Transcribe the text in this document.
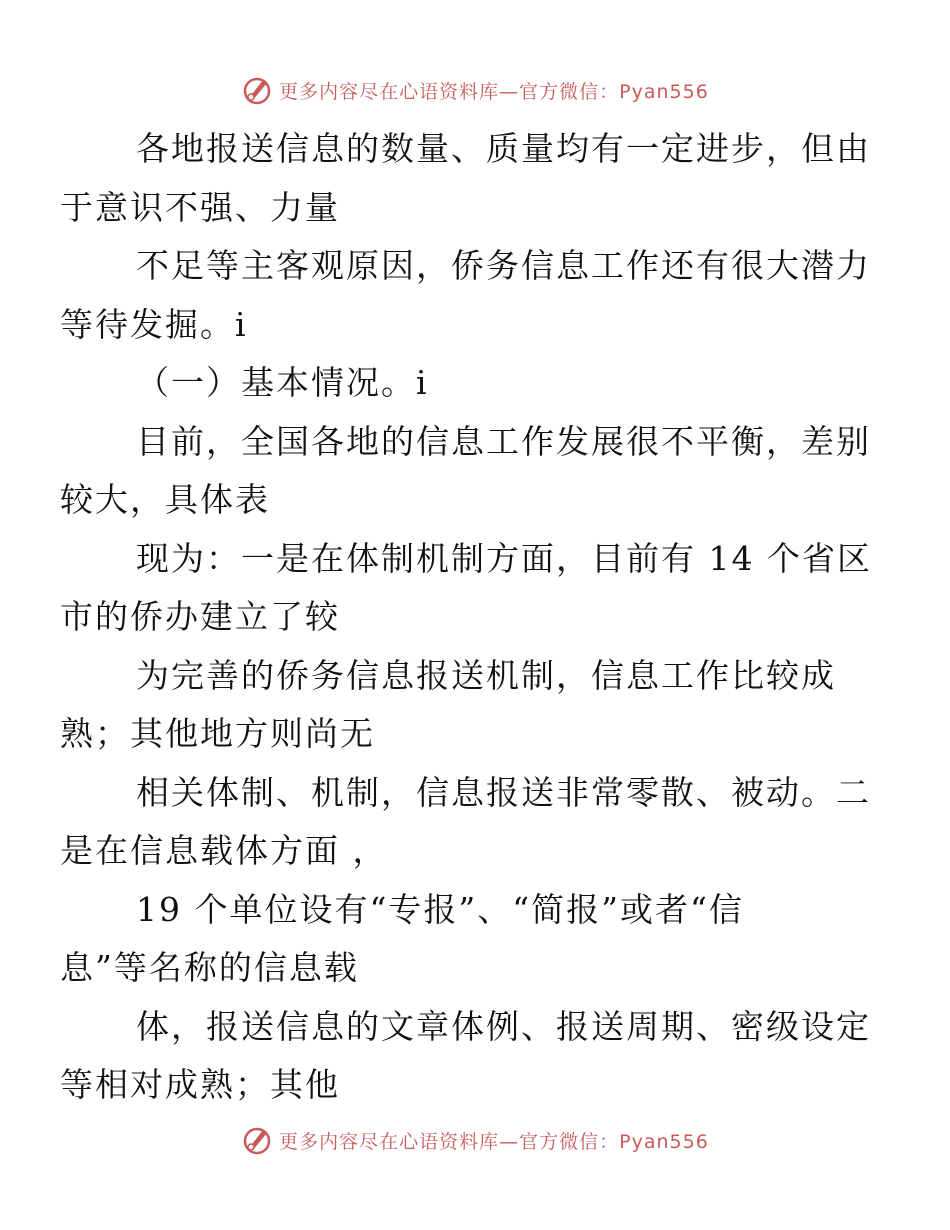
更多内容尽在心语资料库—官方微信：Pyan556

各地报送信息的数量、质量均有一定进步，但由
于意识不强、力量

不足等主客观原因，侨务信息工作还有很大潜力
等待发掘。i

（一）基本情况。i

目前，全国各地的信息工作发展很不平衡，差别
较大，具体表

现为：一是在体制机制方面，目前有 14 个省区
市的侨办建立了较

为完善的侨务信息报送机制，信息工作比较成
熟；其他地方则尚无

相关体制、机制，信息报送非常零散、被动。二
是在信息载体方面 ，

19 个单位设有“专报”、“简报”或者“信
息”等名称的信息载

体，报送信息的文章体例、报送周期、密级设定
等相对成熟；其他

更多内容尽在心语资料库—官方微信：Pyan556
